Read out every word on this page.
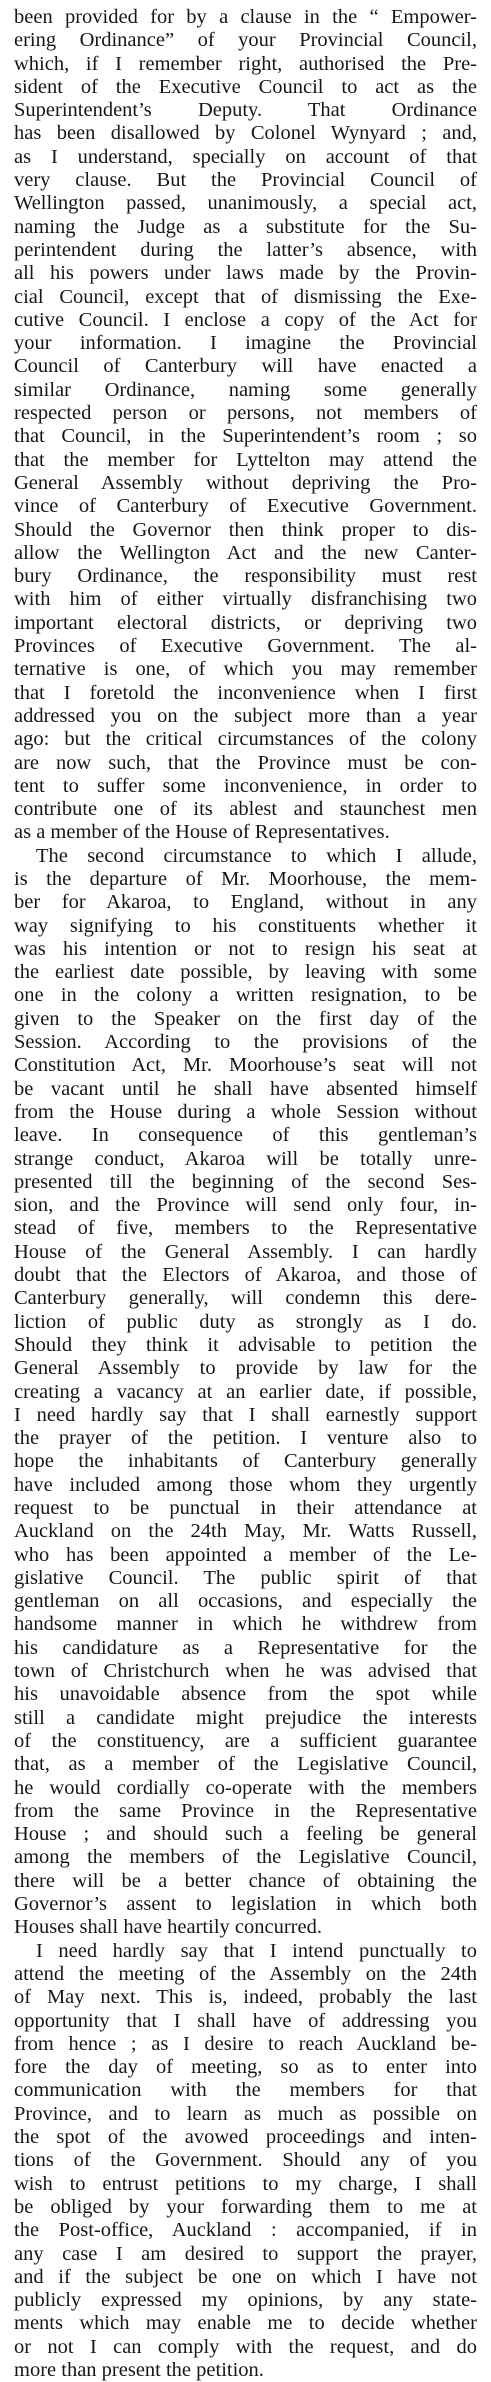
been provided for by a clause in the “ Empower-
ering Ordinance” of your Provincial Council,
which, if I remember right, authorised the Pre-
sident of the Executive Council to act as the
Superintendent’s Deputy. That Ordinance
has been disallowed by Colonel Wynyard ; and,
as I understand, specially on account of that
very clause. But the Provincial Council of
Wellington passed, unanimously, a special act,
naming the Judge as a substitute for the Su-
perintendent during the latter’s absence, with
all his powers under laws made by the Provin-
cial Council, except that of dismissing the Exe-
cutive Council. I enclose a copy of the Act for
your information. I imagine the Provincial
Council of Canterbury will have enacted a
similar Ordinance, naming some generally
respected person or persons, not members of
that Council, in the Superintendent’s room ; so
that the member for Lyttelton may attend the
General Assembly without depriving the Pro-
vince of Canterbury of Executive Government.
Should the Governor then think proper to dis-
allow the Wellington Act and the new Canter-
bury Ordinance, the responsibility must rest
with him of either virtually disfranchising two
important electoral districts, or depriving two
Provinces of Executive Government. The al-
ternative is one, of which you may remember
that I foretold the inconvenience when I first
addressed you on the subject more than a year
ago: but the critical circumstances of the colony
are now such, that the Province must be con-
tent to suffer some inconvenience, in order to
contribute one of its ablest and staunchest men
as a member of the House of Representatives.
The second circumstance to which I allude,
is the departure of Mr. Moorhouse, the mem-
ber for Akaroa, to England, without in any
way signifying to his constituents whether it
was his intention or not to resign his seat at
the earliest date possible, by leaving with some
one in the colony a written resignation, to be
given to the Speaker on the first day of the
Session. According to the provisions of the
Constitution Act, Mr. Moorhouse’s seat will not
be vacant until he shall have absented himself
from the House during a whole Session without
leave. In consequence of this gentleman’s
strange conduct, Akaroa will be totally unre-
presented till the beginning of the second Ses-
sion, and the Province will send only four, in-
stead of five, members to the Representative
House of the General Assembly. I can hardly
doubt that the Electors of Akaroa, and those of
Canterbury generally, will condemn this dere-
liction of public duty as strongly as I do.
Should they think it advisable to petition the
General Assembly to provide by law for the
creating a vacancy at an earlier date, if possible,
I need hardly say that I shall earnestly support
the prayer of the petition. I venture also to
hope the inhabitants of Canterbury generally
have included among those whom they urgently
request to be punctual in their attendance at
Auckland on the 24th May, Mr. Watts Russell,
who has been appointed a member of the Le-
gislative Council. The public spirit of that
gentleman on all occasions, and especially the
handsome manner in which he withdrew from
his candidature as a Representative for the
town of Christchurch when he was advised that
his unavoidable absence from the spot while
still a candidate might prejudice the interests
of the constituency, are a sufficient guarantee
that, as a member of the Legislative Council,
he would cordially co-operate with the members
from the same Province in the Representative
House ; and should such a feeling be general
among the members of the Legislative Council,
there will be a better chance of obtaining the
Governor’s assent to legislation in which both
Houses shall have heartily concurred.
I need hardly say that I intend punctually to
attend the meeting of the Assembly on the 24th
of May next. This is, indeed, probably the last
opportunity that I shall have of addressing you
from hence ; as I desire to reach Auckland be-
fore the day of meeting, so as to enter into
communication with the members for that
Province, and to learn as much as possible on
the spot of the avowed proceedings and inten-
tions of the Government. Should any of you
wish to entrust petitions to my charge, I shall
be obliged by your forwarding them to me at
the Post-office, Auckland : accompanied, if in
any case I am desired to support the prayer,
and if the subject be one on which I have not
publicly expressed my opinions, by any state-
ments which may enable me to decide whether
or not I can comply with the request, and do
more than present the petition.
